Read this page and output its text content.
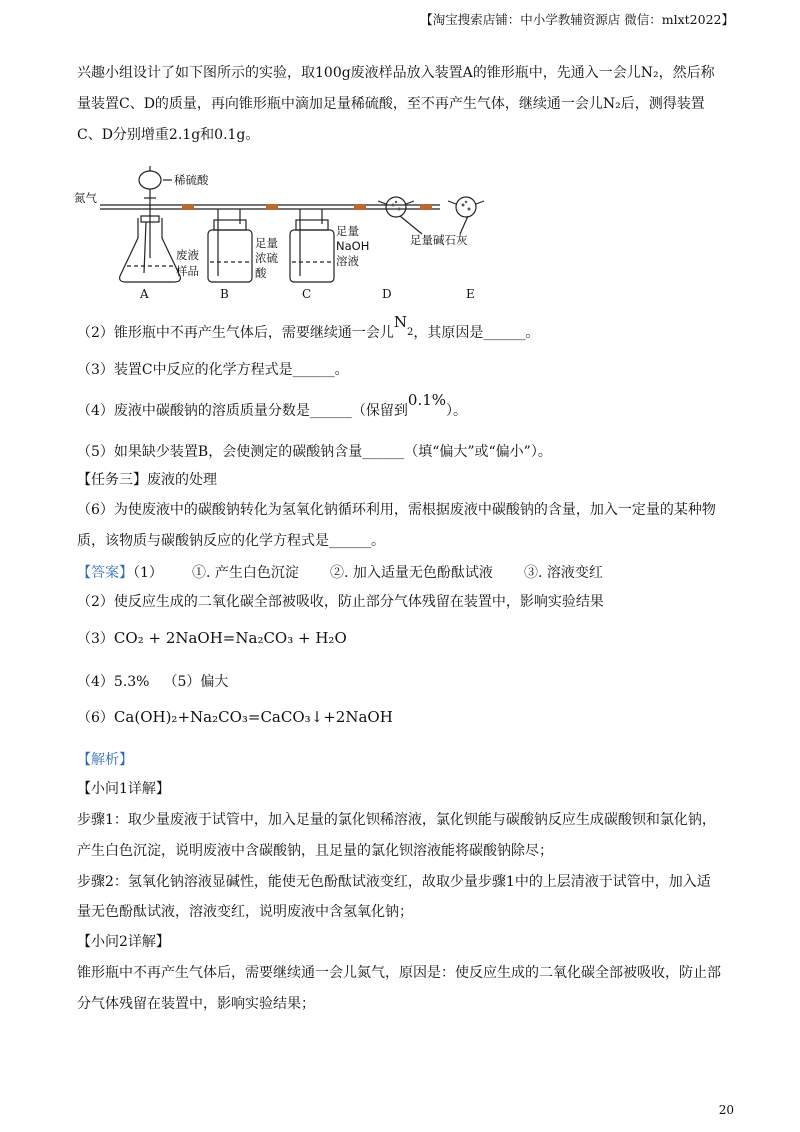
【淘宝搜索店铺：中小学教辅资源店 微信：mlxt2022】
兴趣小组设计了如下图所示的实验，取100g废液样品放入装置A的锥形瓶中，先通入一会儿N₂，然后称
量装置C、D的质量，再向锥形瓶中滴加足量稀硫酸，至不再产生气体，继续通一会儿N₂后，测得装置
C、D分别增重2.1g和0.1g。
氮气
稀硫酸
废液
样品
足量
浓硫
酸
足量
NaOH
溶液
足量碱石灰
A	B	C	D	E
（2）锥形瓶中不再产生气体后，需要继续通一会儿N2，其原因是______。
（3）装置C中反应的化学方程式是______。
（4）废液中碳酸钠的溶质质量分数是______（保留到0.1%）。
（5）如果缺少装置B，会使测定的碳酸钠含量______（填“偏大”或“偏小”）。
【任务三】废液的处理
（6）为使废液中的碳酸钠转化为氢氧化钠循环利用，需根据废液中碳酸钠的含量，加入一定量的某种物
质，该物质与碳酸钠反应的化学方程式是______。
【答案】（1） ①. 产生白色沉淀 ②. 加入适量无色酚酞试液 ③. 溶液变红
（2）使反应生成的二氧化碳全部被吸收，防止部分气体残留在装置中，影响实验结果
（3）CO₂ + 2NaOH=Na₂CO₃ + H₂O
（4）5.3% （5）偏大
（6）Ca(OH)₂+Na₂CO₃=CaCO₃↓+2NaOH
【解析】
【小问1详解】
步骤1：取少量废液于试管中，加入足量的氯化钡稀溶液，氯化钡能与碳酸钠反应生成碳酸钡和氯化钠，
产生白色沉淀，说明废液中含碳酸钠，且足量的氯化钡溶液能将碳酸钠除尽；
步骤2：氢氧化钠溶液显碱性，能使无色酚酞试液变红，故取少量步骤1中的上层清液于试管中，加入适
量无色酚酞试液，溶液变红，说明废液中含氢氧化钠；
【小问2详解】
锥形瓶中不再产生气体后，需要继续通一会儿氮气，原因是：使反应生成的二氧化碳全部被吸收，防止部
分气体残留在装置中，影响实验结果；
20
